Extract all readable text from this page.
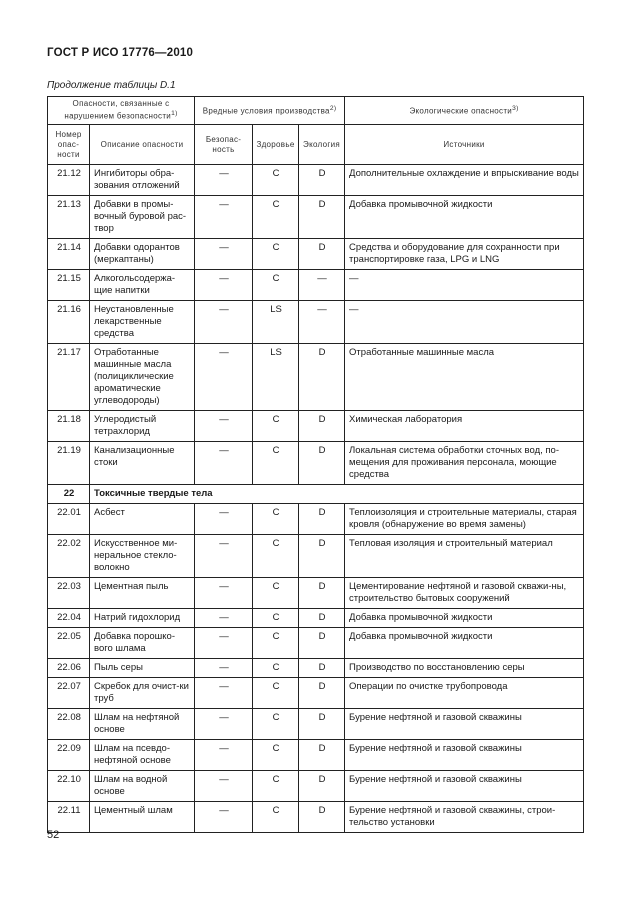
ГОСТ Р ИСО 17776—2010
Продолжение таблицы D.1
Опасности, связанные с нарушением безопасности$^{1)}$		Вредные условия производства$^{2)}$			Экологические опасности$^{3)}$
Номер опас-ности	Описание опасности	Безопас-ность	Здоровье	Экология	Источники
21.12	Ингибиторы обра-зования отложений	—	C	D	Дополнительные охлаждение и впрыскивание воды
21.13	Добавки в промы-вочный буровой рас-твор	—	C	D	Добавка промывочной жидкости
21.14	Добавки одорантов (меркаптаны)	—	C	D	Средства и оборудование для сохранности при транспортировке газа, LPG и LNG
21.15	Алкогольсодержа-щие напитки	—	C	—	—
21.16	Неустановленные лекарственные средства	—	LS	—	—
21.17	Отработанные машинные масла (полициклические ароматические углеводороды)	—	LS	D	Отработанные машинные масла
21.18	Углеродистый тетрахлорид	—	C	D	Химическая лаборатория
21.19	Канализационные стоки	—	C	D	Локальная система обработки сточных вод, по-мещения для проживания персонала, моющие средства
22	Токсичные твердые тела				
22.01	Асбест	—	C	D	Теплоизоляция и строительные материалы, старая кровля (обнаружение во время замены)
22.02	Искусственное ми-неральное стекло-волокно	—	C	D	Тепловая изоляция и строительный материал
22.03	Цементная пыль	—	C	D	Цементирование нефтяной и газовой скважи-ны, строительство бытовых сооружений
22.04	Натрий гидохлорид	—	C	D	Добавка промывочной жидкости
22.05	Добавка порошко-вого шлама	—	C	D	Добавка промывочной жидкости
22.06	Пыль серы	—	C	D	Производство по восстановлению серы
22.07	Скребок для очист-ки труб	—	C	D	Операции по очистке трубопровода
22.08	Шлам на нефтяной основе	—	C	D	Бурение нефтяной и газовой скважины
22.09	Шлам на псевдо-нефтяной основе	—	C	D	Бурение нефтяной и газовой скважины
22.10	Шлам на водной основе	—	C	D	Бурение нефтяной и газовой скважины
22.11	Цементный шлам	—	C	D	Бурение нефтяной и газовой скважины, строи-тельство установки
52
